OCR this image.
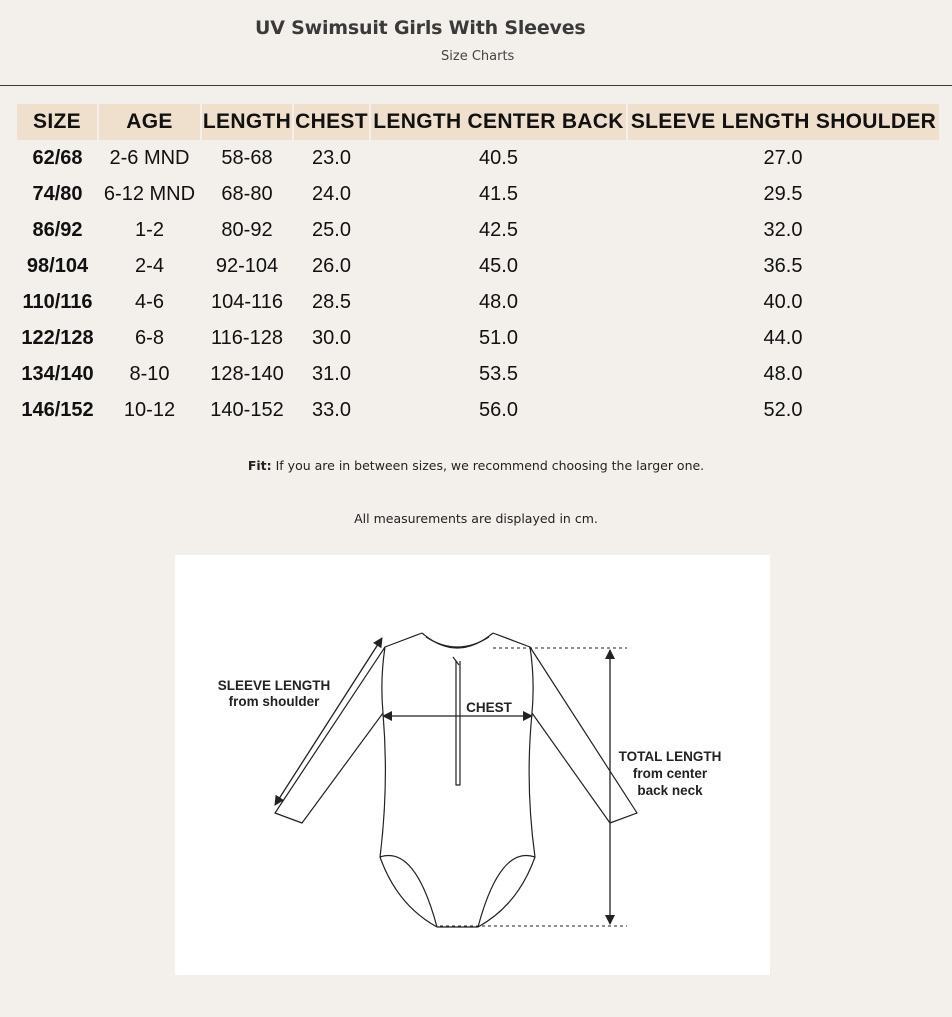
UV Swimsuit Girls With Sleeves
Size Charts
SIZE	AGE	LENGTH	CHEST	LENGTH CENTER BACK	SLEEVE LENGTH SHOULDER
62/68	2-6 MND	58-68	23.0	40.5	27.0
74/80	6-12 MND	68-80	24.0	41.5	29.5
86/92	1-2	80-92	25.0	42.5	32.0
98/104	2-4	92-104	26.0	45.0	36.5
110/116	4-6	104-116	28.5	48.0	40.0
122/128	6-8	116-128	30.0	51.0	44.0
134/140	8-10	128-140	31.0	53.5	48.0
146/152	10-12	140-152	33.0	56.0	52.0
Fit: If you are in between sizes, we recommend choosing the larger one.
All measurements are displayed in cm.
SLEEVE LENGTH
from shoulder	CHEST
TOTAL LENGTH
from center
back neck
